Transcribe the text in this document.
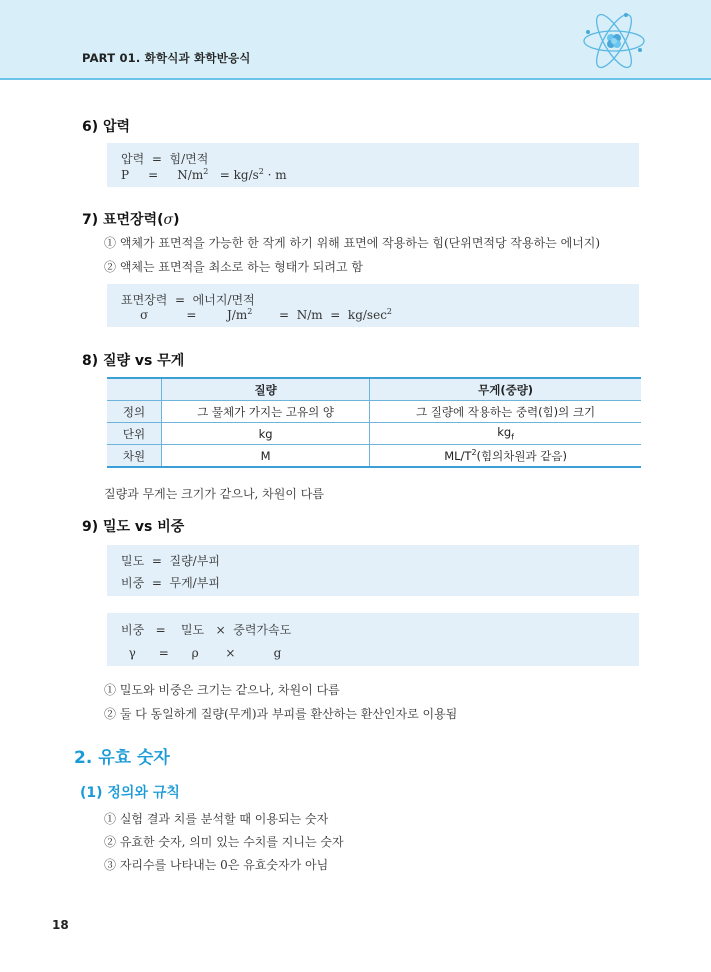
PART 01. 화학식과 화학반응식
6) 압력
압력  =  힘/면적
P     =     $N/m^2 = kg/s^2 \cdot m$
7) 표면장력(σ)
① 액체가 표면적을 가능한 한 작게 하기 위해 표면에 작용하는 힘(단위면적당 작용하는 에너지)
② 액체는 표면적을 최소로 하는 형태가 되려고 함
표면장력  =  에너지/면적
σ          =        $J/m^2$       =  $N/m = kg/\sec^2$
8) 질량 vs 무게
	질량	무게(중량)
정의	그 물체가 가지는 고유의 양	그 질량에 작용하는 중력(힘)의 크기
단위	kg	$kg_f$
차원	M	$ML/T^2$(힘의차원과 같음)
질량과 무게는 크기가 같으나, 차원이 다름
9) 밀도 vs 비중
밀도  =  질량/부피
비중  =  무게/부피
비중   =    밀도   ×  중력가속도
γ      =      ρ       ×          g
① 밀도와 비중은 크기는 같으나, 차원이 다름
② 둘 다 동일하게 질량(무게)과 부피를 환산하는 환산인자로 이용됨
2. 유효 숫자
(1) 정의와 규칙
① 실험 결과 치를 분석할 때 이용되는 숫자
② 유효한 숫자, 의미 있는 수치를 지니는 숫자
③ 자리수를 나타내는 0은 유효숫자가 아님
18
